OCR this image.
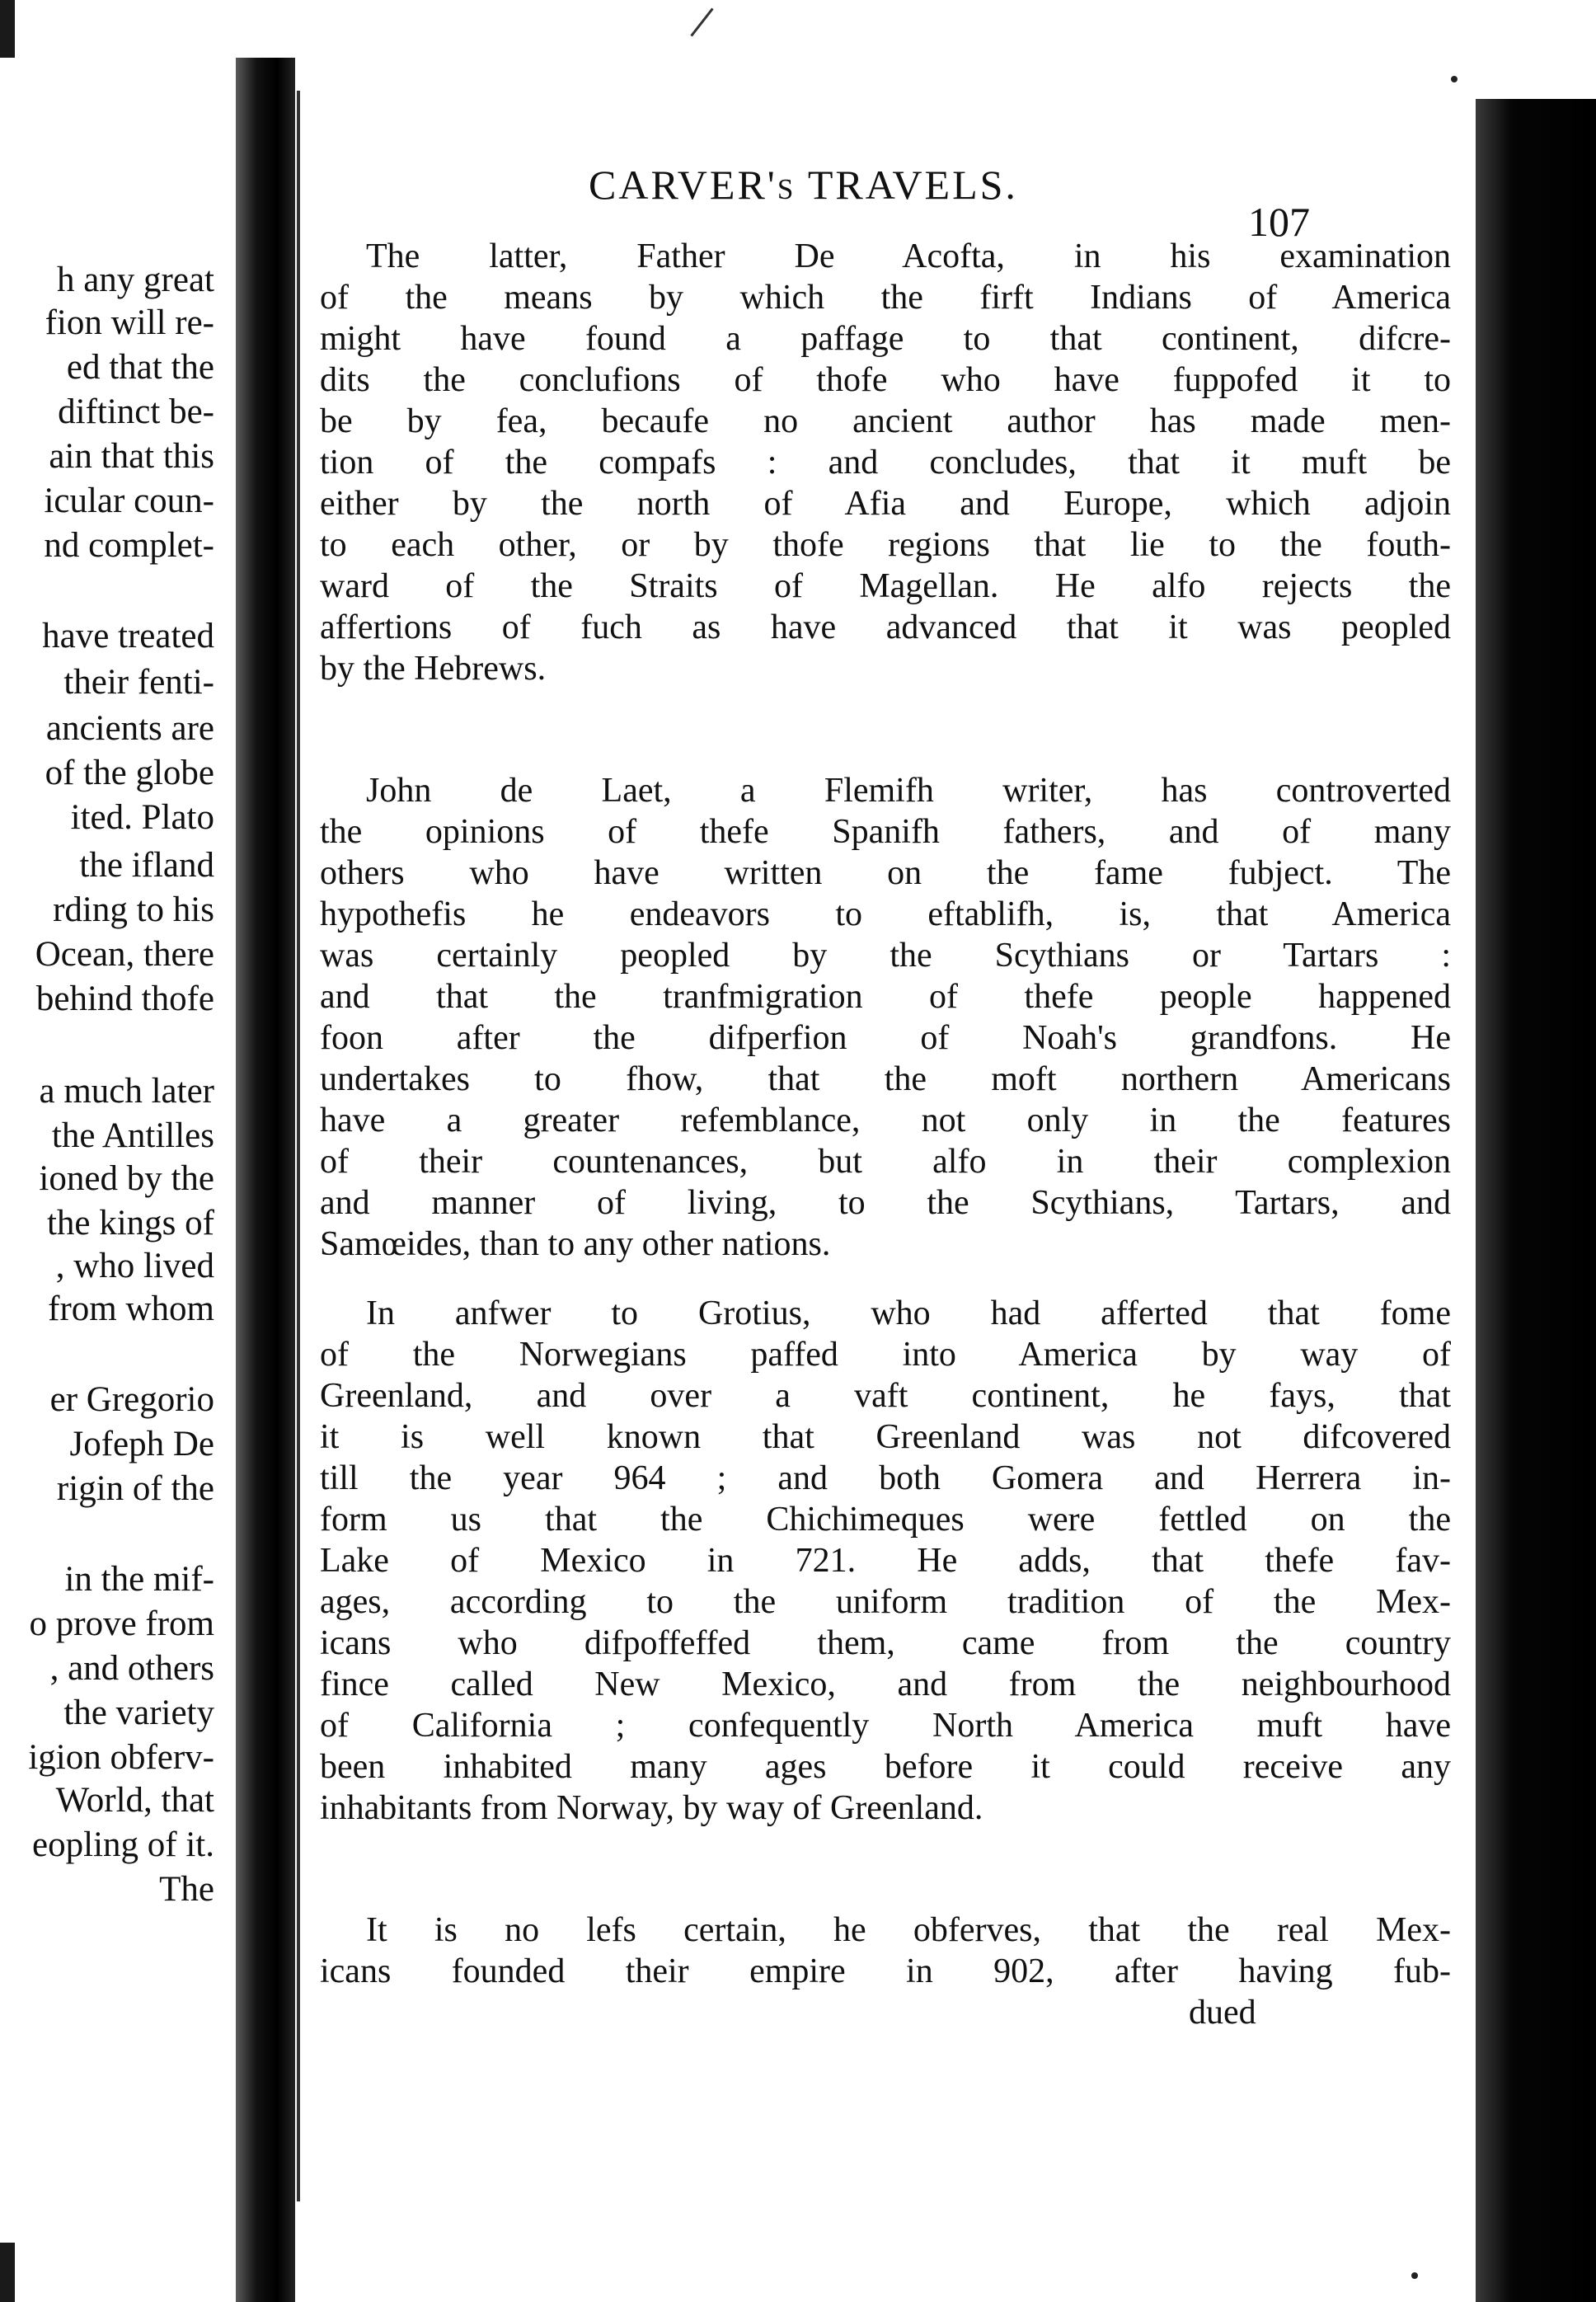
h any great
fion will re-
ed that the
diftinct be-
ain that this
icular coun-
nd complet-
have treated
their fenti-
ancients are
of the globe
ited. Plato
the ifland
rding to his
Ocean, there
behind thofe
a much later
the Antilles
ioned by the
the kings of
, who lived
from whom
er Gregorio
Jofeph De
rigin of the
in the mif-
o prove from
, and others
the variety
igion obferv-
World, that
eopling of it.
The
CARVER's TRAVELS.
107
The latter, Father De Acofta, in his examination
of the means by which the firft Indians of America
might have found a paffage to that continent, difcre-
dits the conclufions of thofe who have fuppofed it to
be by fea, becaufe no ancient author has made men-
tion of the compafs : and concludes, that it muft be
either by the north of Afia and Europe, which adjoin
to each other, or by thofe regions that lie to the fouth-
ward of the Straits of Magellan. He alfo rejects the
affertions of fuch as have advanced that it was peopled
by the Hebrews.
John de Laet, a Flemifh writer, has controverted
the opinions of thefe Spanifh fathers, and of many
others who have written on the fame fubject. The
hypothefis he endeavors to eftablifh, is, that America
was certainly peopled by the Scythians or Tartars :
and that the tranfmigration of thefe people happened
foon after the difperfion of Noah's grandfons. He
undertakes to fhow, that the moft northern Americans
have a greater refemblance, not only in the features
of their countenances, but alfo in their complexion
and manner of living, to the Scythians, Tartars, and
Samœides, than to any other nations.
In anfwer to Grotius, who had afferted that fome
of the Norwegians paffed into America by way of
Greenland, and over a vaft continent, he fays, that
it is well known that Greenland was not difcovered
till the year 964 ; and both Gomera and Herrera in-
form us that the Chichimeques were fettled on the
Lake of Mexico in 721. He adds, that thefe fav-
ages, according to the uniform tradition of the Mex-
icans who difpoffeffed them, came from the country
fince called New Mexico, and from the neighbourhood
of California ; confequently North America muft have
been inhabited many ages before it could receive any
inhabitants from Norway, by way of Greenland.
It is no lefs certain, he obferves, that the real Mex-
icans founded their empire in 902, after having fub-
dued
